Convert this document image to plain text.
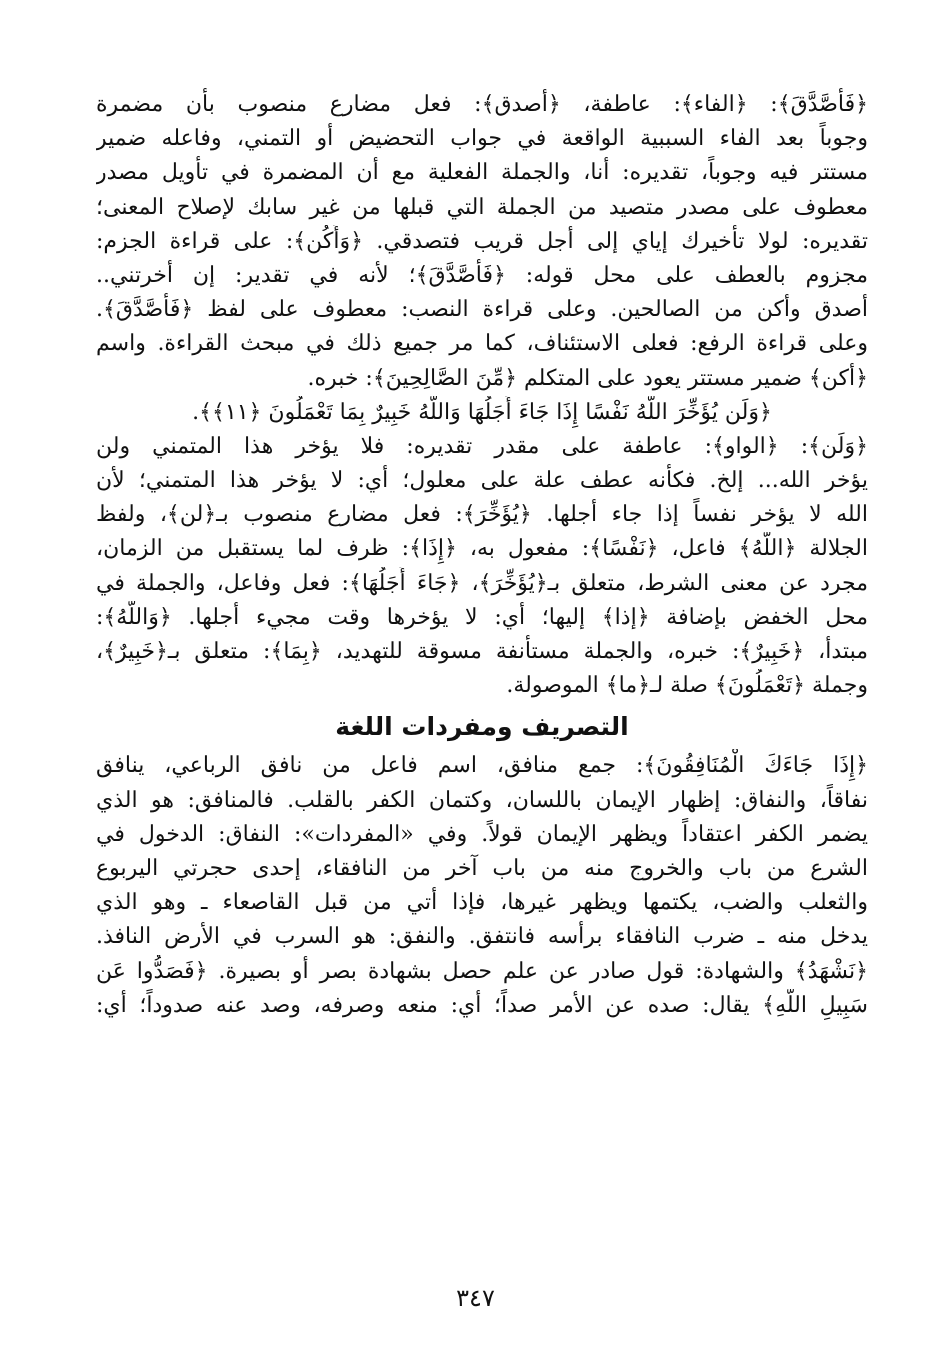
﴿فَأَصَّدَّقَ﴾: ﴿الفاء﴾: عاطفة، ﴿أصدق﴾: فعل مضارع منصوب بأن مضمرة
وجوباً بعد الفاء السببية الواقعة في جواب التحضيض أو التمني، وفاعله ضمير
مستتر فيه وجوباً، تقديره: أنا، والجملة الفعلية مع أن المضمرة في تأويل مصدر
معطوف على مصدر متصيد من الجملة التي قبلها من غير سابك لإصلاح المعنى؛
تقديره: لولا تأخيرك إياي إلى أجل قريب فتصدقي. ﴿وَأَكُن﴾: على قراءة الجزم:
مجزوم بالعطف على محل قوله: ﴿فَأَصَّدَّقَ﴾؛ لأنه في تقدير: إن أخرتني..
أصدق وأكن من الصالحين. وعلى قراءة النصب: معطوف على لفظ ﴿فَأَصَّدَّقَ﴾.
وعلى قراءة الرفع: فعلى الاستئناف، كما مر جميع ذلك في مبحث القراءة. واسم
﴿أكن﴾ ضمير مستتر يعود على المتكلم ﴿مِّنَ الصَّالِحِينَ﴾: خبره.
﴿وَلَن يُؤَخِّرَ اللَّهُ نَفْسًا إِذَا جَاءَ أَجَلُهَا وَاللَّهُ خَبِيرٌ بِمَا تَعْمَلُونَ ﴿١١﴾﴾.
﴿وَلَن﴾: ﴿الواو﴾: عاطفة على مقدر تقديره: فلا يؤخر هذا المتمني ولن
يؤخر الله... إلخ. فكأنه عطف علة على معلول؛ أي: لا يؤخر هذا المتمني؛ لأن
الله لا يؤخر نفساً إذا جاء أجلها. ﴿يُؤَخِّرَ﴾: فعل مضارع منصوب بـ﴿لن﴾، ولفظ
الجلالة ﴿اللَّهُ﴾ فاعل، ﴿نَفْسًا﴾: مفعول به، ﴿إِذَا﴾: ظرف لما يستقبل من الزمان،
مجرد عن معنى الشرط، متعلق بـ﴿يُؤَخِّرَ﴾، ﴿جَاءَ أَجَلُهَا﴾: فعل وفاعل، والجملة في
محل الخفض بإضافة ﴿إذا﴾ إليها؛ أي: لا يؤخرها وقت مجيء أجلها. ﴿وَاللَّهُ﴾:
مبتدأ، ﴿خَبِيرٌ﴾: خبره، والجملة مستأنفة مسوقة للتهديد، ﴿بِمَا﴾: متعلق بـ﴿خَبِيرٌ﴾،
وجملة ﴿تَعْمَلُونَ﴾ صلة لـ﴿ما﴾ الموصولة.
التصريف ومفردات اللغة
﴿إِذَا جَاءَكَ الْمُنَافِقُونَ﴾: جمع منافق، اسم فاعل من نافق الرباعي، ينافق
نفاقاً، والنفاق: إظهار الإيمان باللسان، وكتمان الكفر بالقلب. فالمنافق: هو الذي
يضمر الكفر اعتقاداً ويظهر الإيمان قولاً. وفي «المفردات»: النفاق: الدخول في
الشرع من باب والخروج منه من باب آخر من النافقاء، إحدى حجرتي اليربوع
والثعلب والضب، يكتمها ويظهر غيرها، فإذا أتي من قبل القاصعاء ـ وهو الذي
يدخل منه ـ ضرب النافقاء برأسه فانتفق. والنفق: هو السرب في الأرض النافذ.
﴿نَشْهَدُ﴾ والشهادة: قول صادر عن علم حصل بشهادة بصر أو بصيرة. ﴿فَصَدُّوا عَن
سَبِيلِ اللَّهِ﴾ يقال: صده عن الأمر صداً؛ أي: منعه وصرفه، وصد عنه صدوداً؛ أي:
٣٤٧
